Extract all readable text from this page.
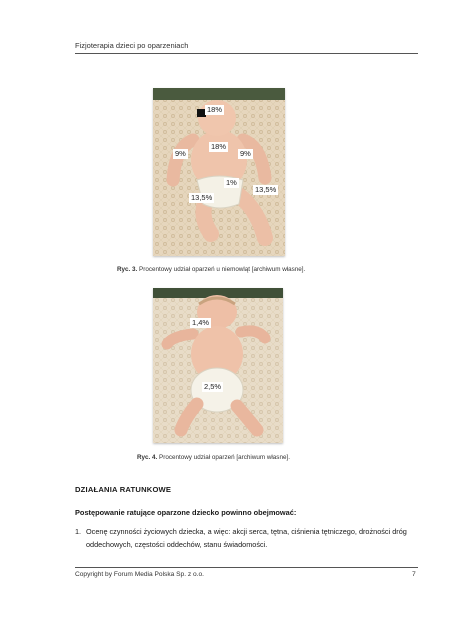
Fizjoterapia dzieci po oparzeniach
18%
18%
9%	9%
1%
13,5%
13,5%
Ryc. 3. Procentowy udział oparzeń u niemowląt [archiwum własne].
1,4%
2,5%
Ryc. 4. Procentowy udział oparzeń [archiwum własne].
DZIAŁANIA RATUNKOWE
Postępowanie ratujące oparzone dziecko powinno obejmować:
1. Ocenę czynności życiowych dziecka, a więc: akcji serca, tętna, ciśnienia tętniczego, drożności dróg oddechowych, częstości oddechów, stanu świadomości.
Copyright by Forum Media Polska Sp. z o.o.	7
